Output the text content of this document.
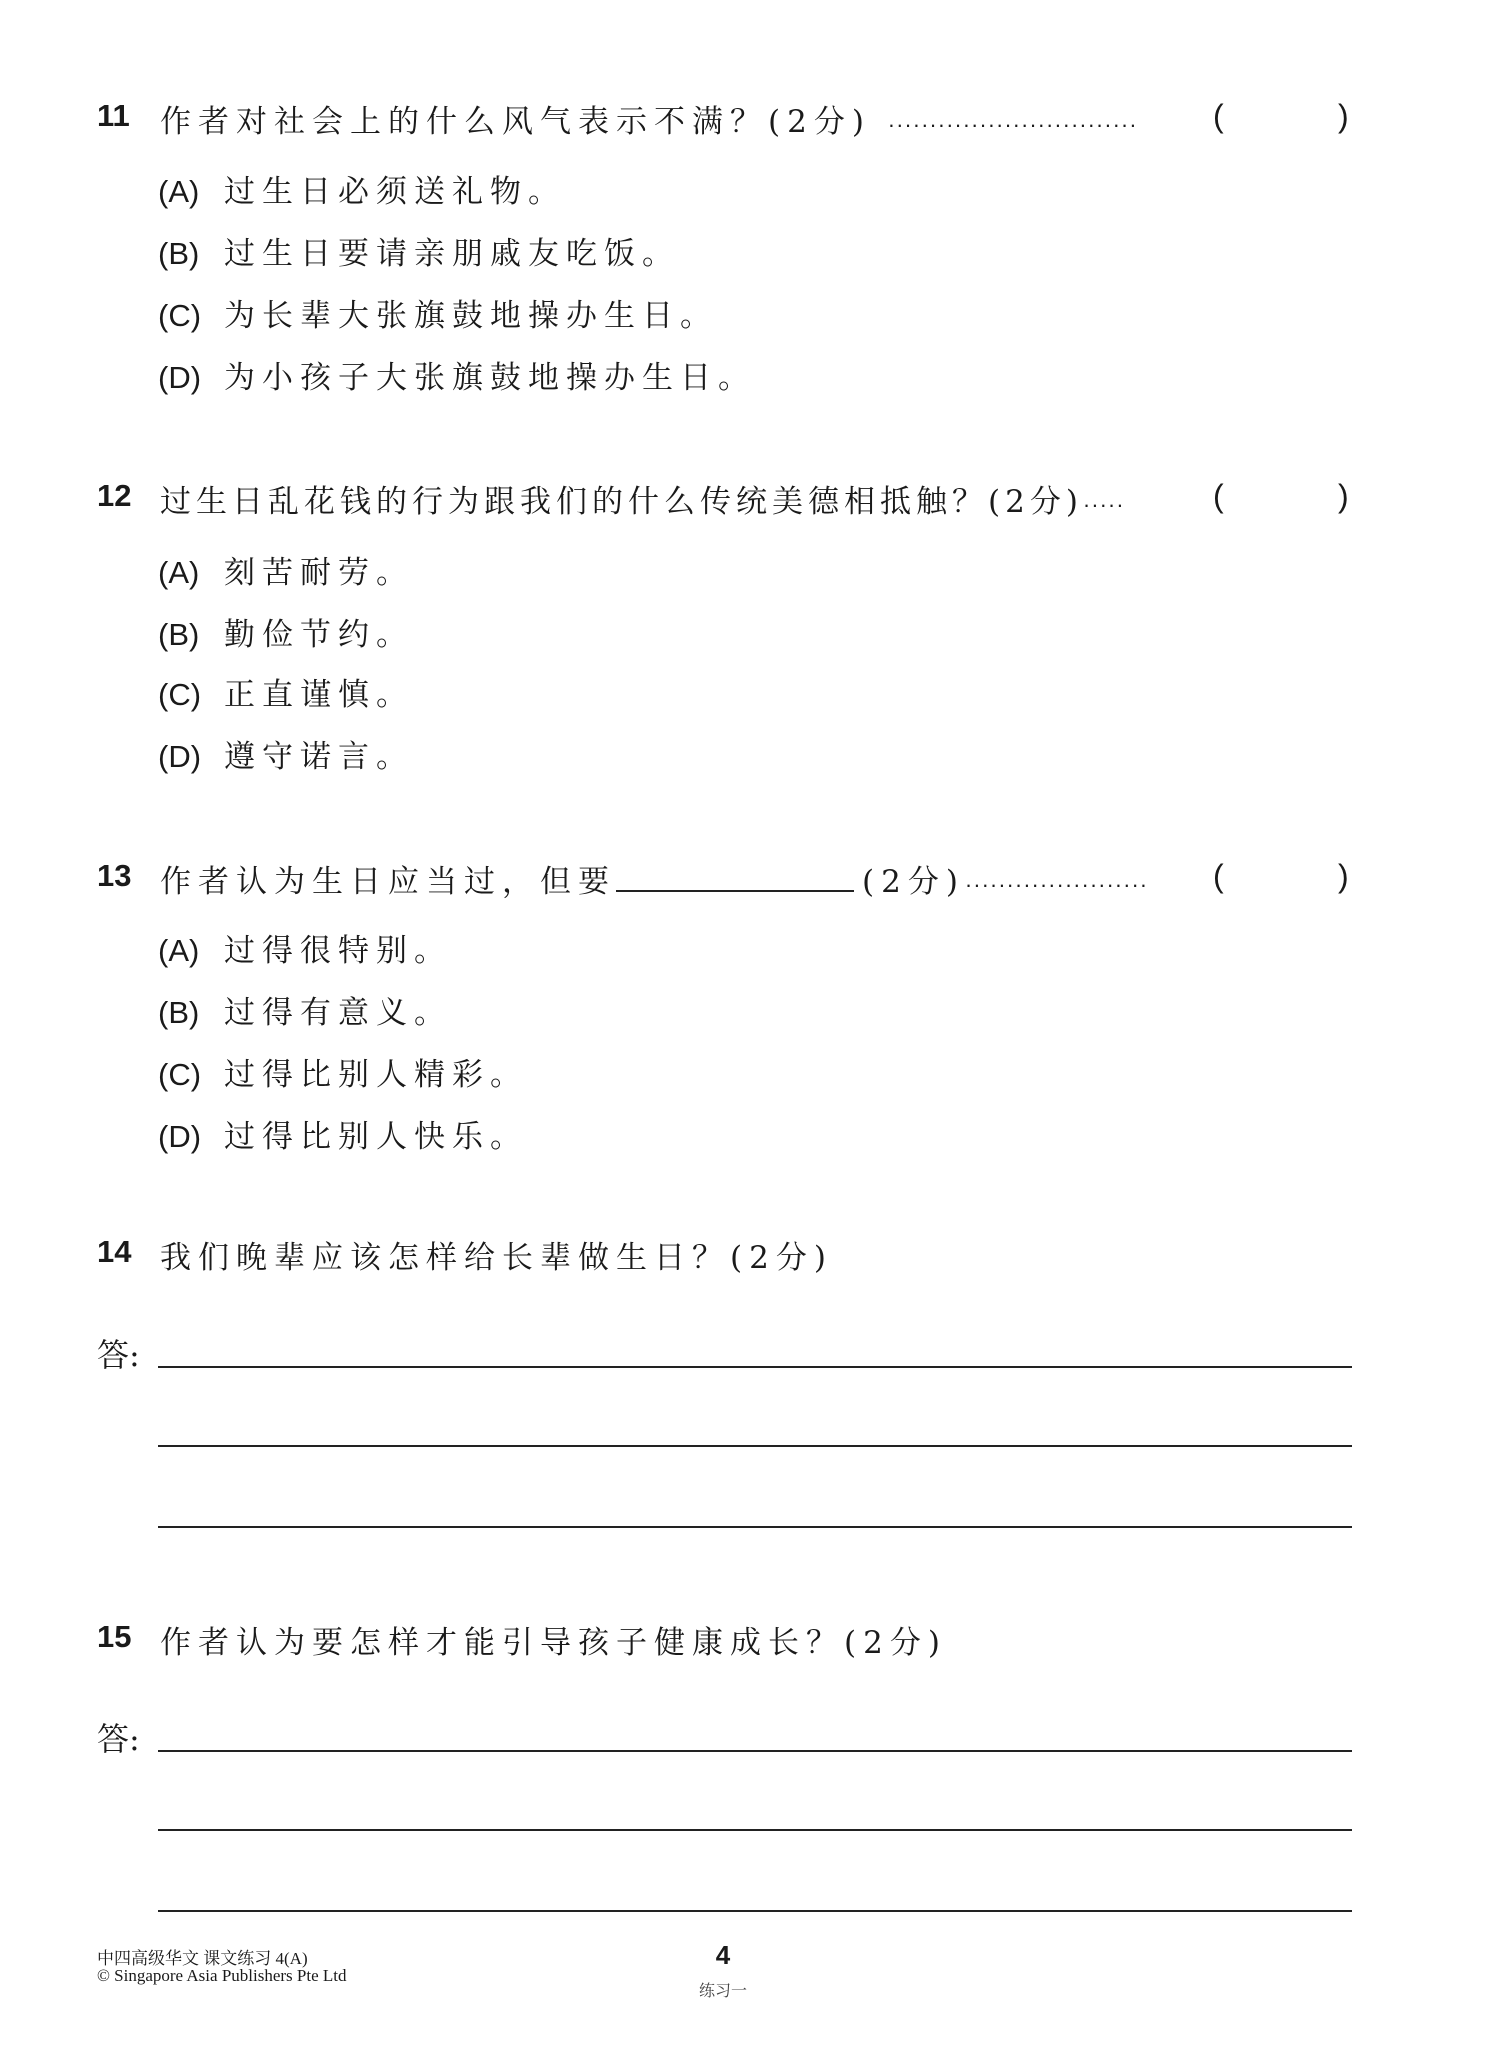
11 作者对社会上的什么风气表示不满？(2分) ······························ (	)
(A) 过生日必须送礼物。
(B) 过生日要请亲朋戚友吃饭。
(C) 为长辈大张旗鼓地操办生日。
(D) 为小孩子大张旗鼓地操办生日。
12 过生日乱花钱的行为跟我们的什么传统美德相抵触？(2分)·····	(	)
(A) 刻苦耐劳。
(B) 勤俭节约。
(C) 正直谨慎。
(D) 遵守诺言。
13 作者认为生日应当过，但要	(2分)······················ (	)
(A) 过得很特别。
(B) 过得有意义。
(C) 过得比别人精彩。
(D) 过得比别人快乐。
14 我们晚辈应该怎样给长辈做生日？(2分)
答:
15 作者认为要怎样才能引导孩子健康成长？(2分)
答:
中四高级华文 课文练习 4(A)
© Singapore Asia Publishers Pte Ltd
4
练习一
